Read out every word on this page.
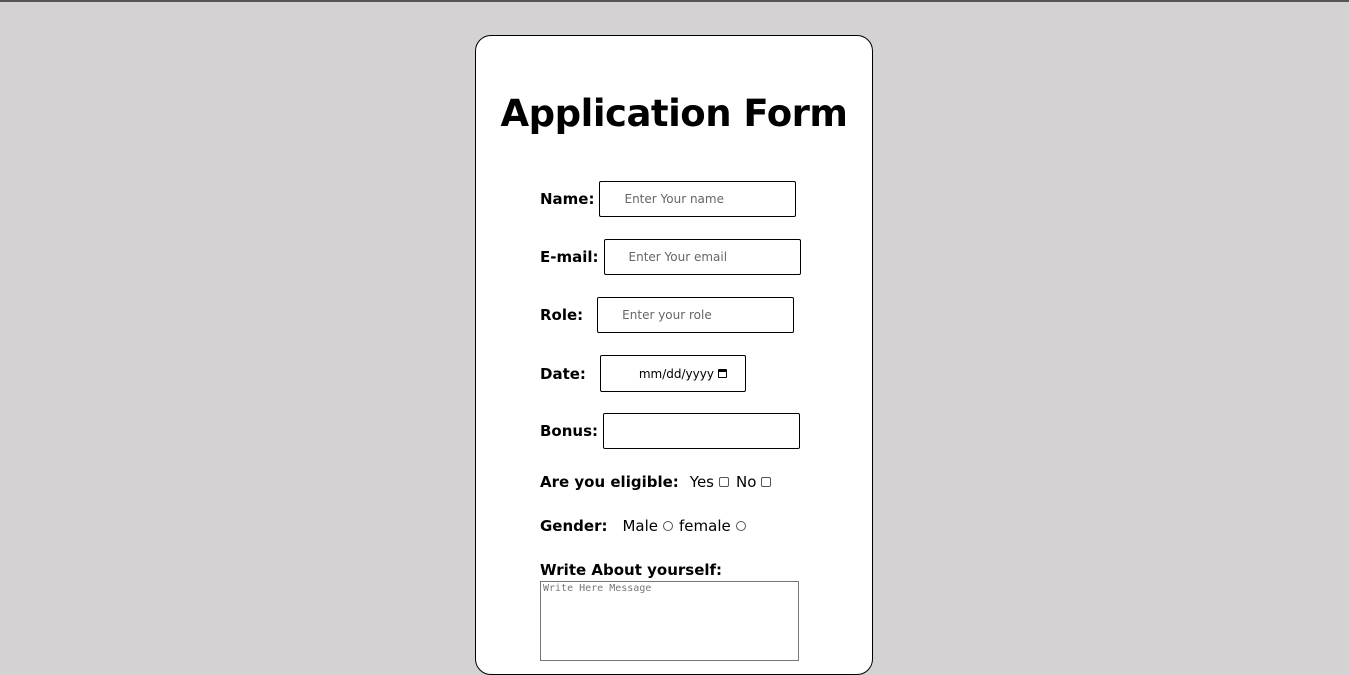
Application Form
Name:
Enter Your name
E-mail:
Enter Your email
Role:
Enter your role
Date:	mm/dd/yyyy
Bonus:
Are you eligible: Yes No
Gender: Male female
Write About yourself:
Write Here Message
